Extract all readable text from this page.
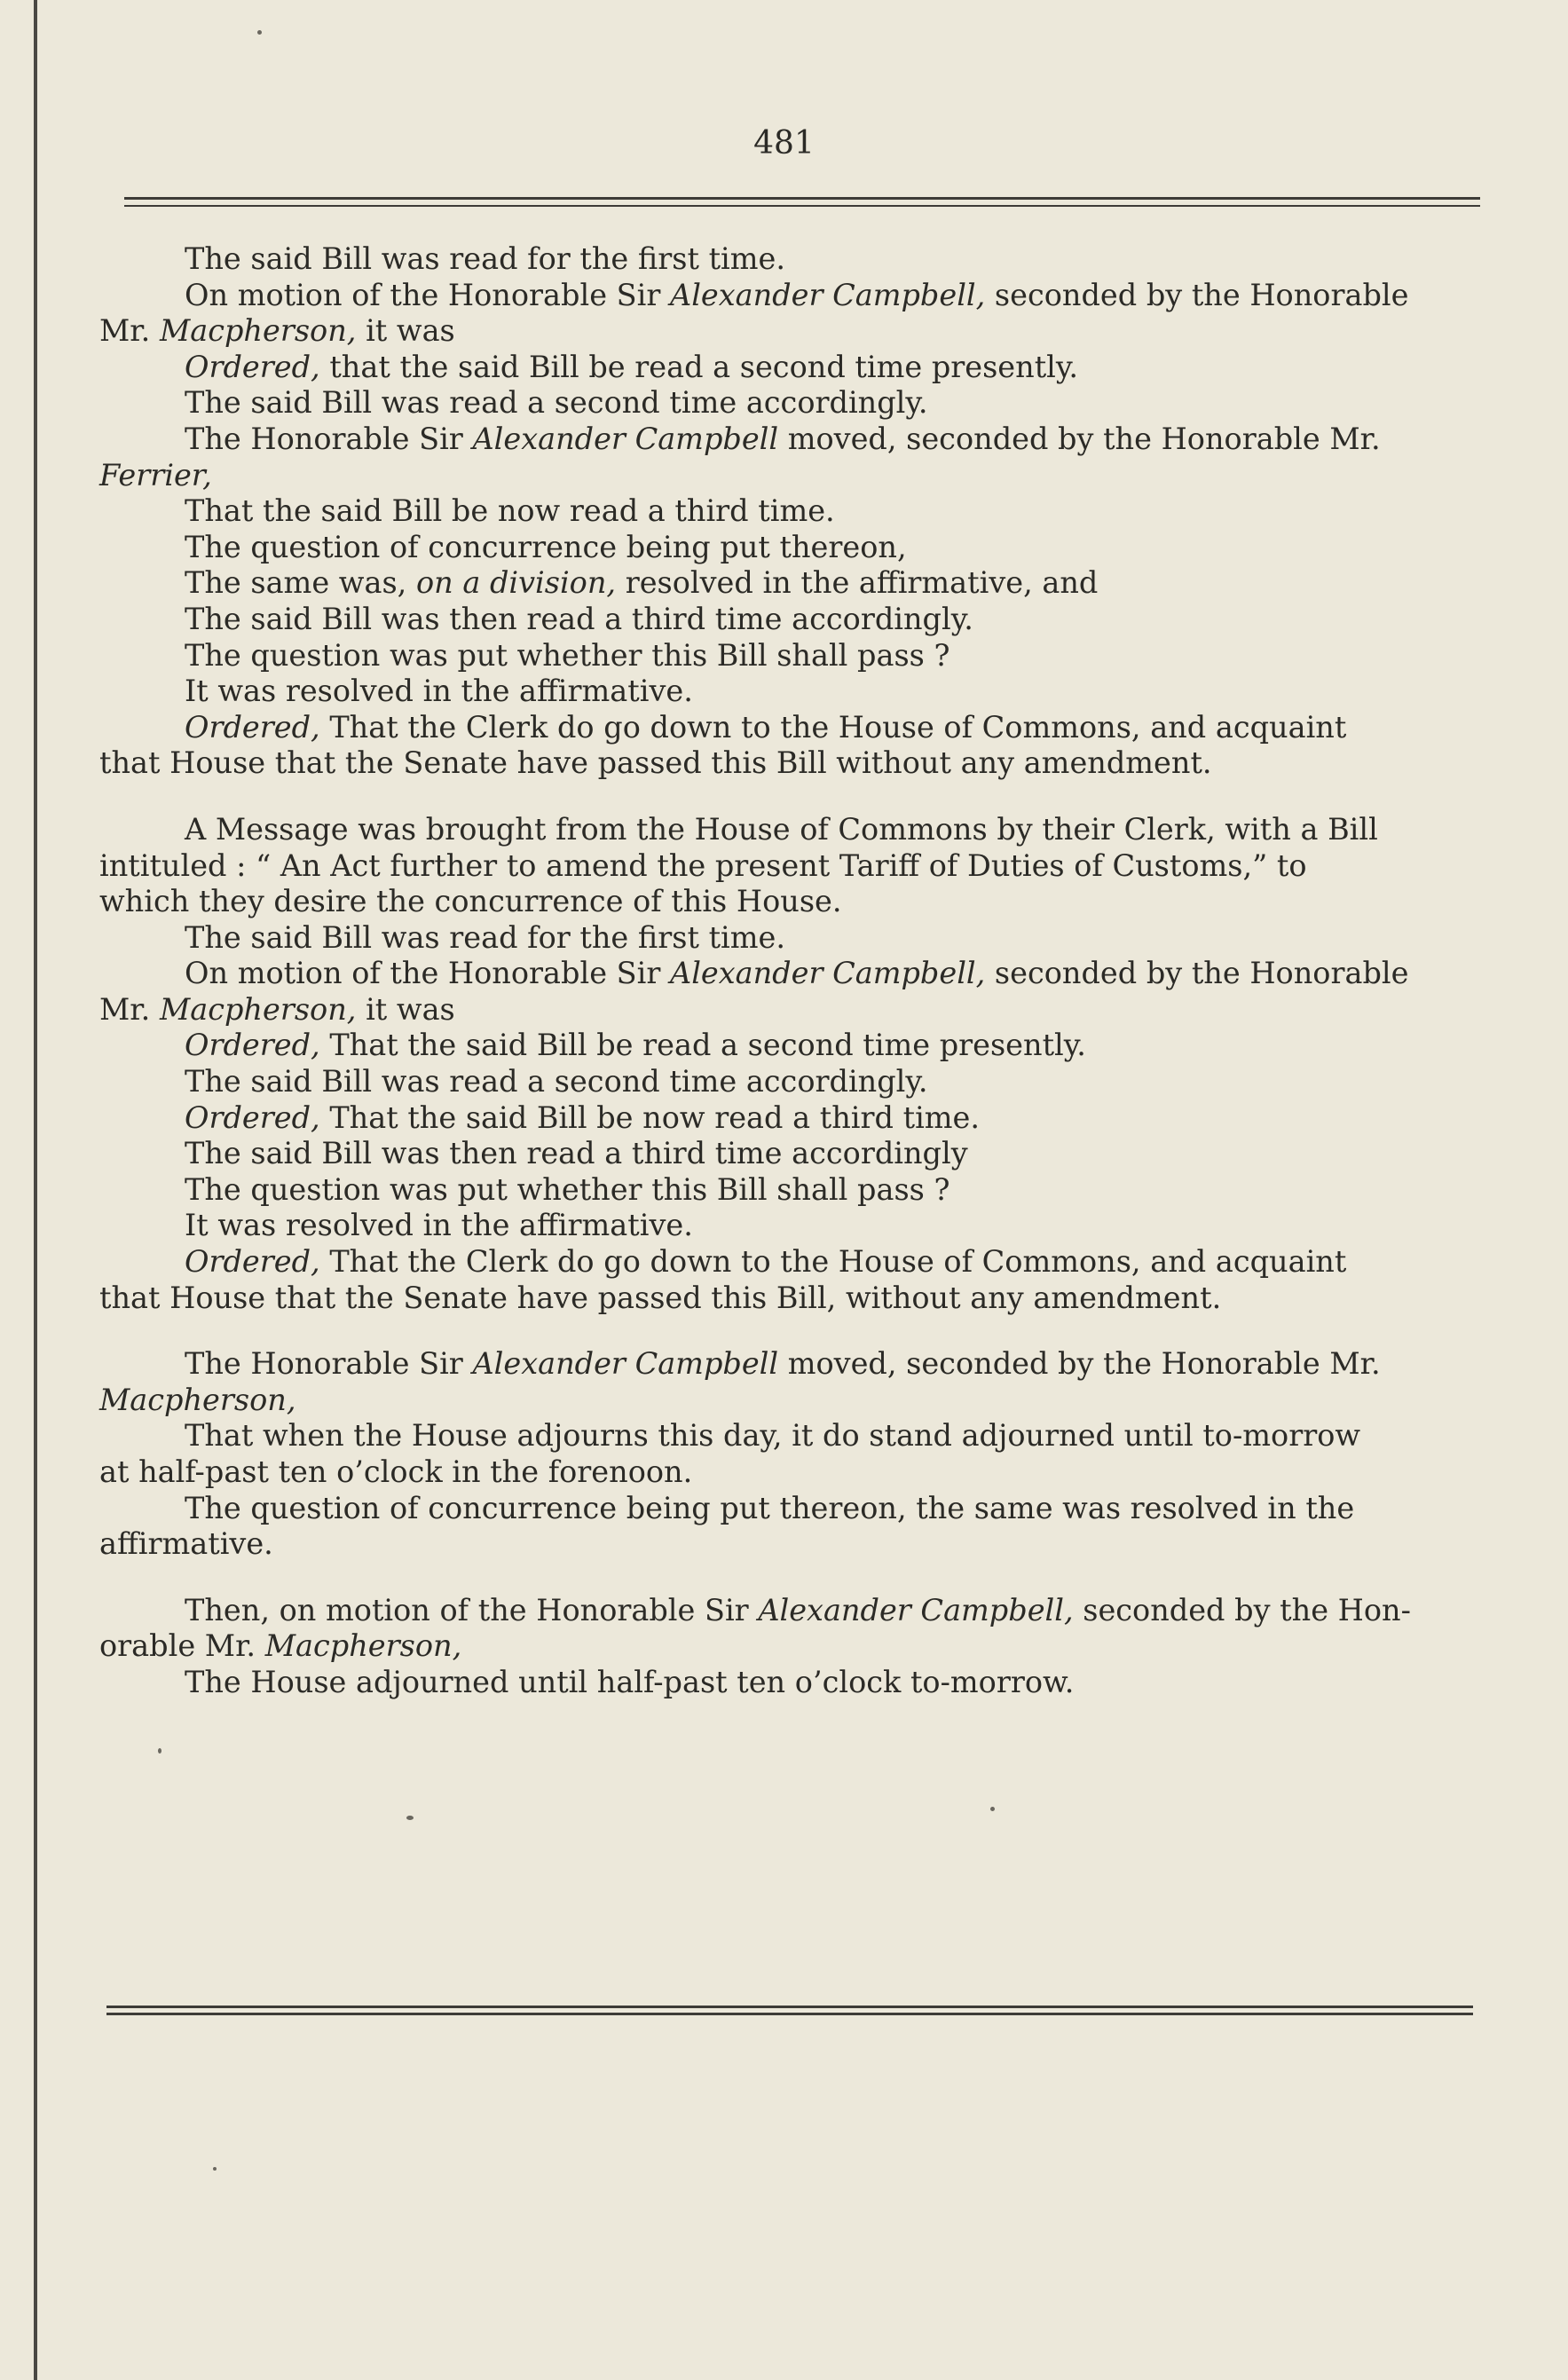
481
The said Bill was read for the first time.
On motion of the Honorable Sir Alexander Campbell, seconded by the Honorable
Mr. Macpherson, it was
Ordered, that the said Bill be read a second time presently.
The said Bill was read a second time accordingly.
The Honorable Sir Alexander Campbell moved, seconded by the Honorable Mr.
Ferrier,
That the said Bill be now read a third time.
The question of concurrence being put thereon,
The same was, on a division, resolved in the affirmative, and
The said Bill was then read a third time accordingly.
The question was put whether this Bill shall pass ?
It was resolved in the affirmative.
Ordered, That the Clerk do go down to the House of Commons, and acquaint
that House that the Senate have passed this Bill without any amendment.
A Message was brought from the House of Commons by their Clerk, with a Bill
intituled : “ An Act further to amend the present Tariff of Duties of Customs,” to
which they desire the concurrence of this House.
The said Bill was read for the first time.
On motion of the Honorable Sir Alexander Campbell, seconded by the Honorable
Mr. Macpherson, it was
Ordered, That the said Bill be read a second time presently.
The said Bill was read a second time accordingly.
Ordered, That the said Bill be now read a third time.
The said Bill was then read a third time accordingly
The question was put whether this Bill shall pass ?
It was resolved in the affirmative.
Ordered, That the Clerk do go down to the House of Commons, and acquaint
that House that the Senate have passed this Bill, without any amendment.
The Honorable Sir Alexander Campbell moved, seconded by the Honorable Mr.
Macpherson,
That when the House adjourns this day, it do stand adjourned until to-morrow
at half-past ten o’clock in the forenoon.
The question of concurrence being put thereon, the same was resolved in the
affirmative.
Then, on motion of the Honorable Sir Alexander Campbell, seconded by the Hon-
orable Mr. Macpherson,
The House adjourned until half-past ten o’clock to-morrow.
